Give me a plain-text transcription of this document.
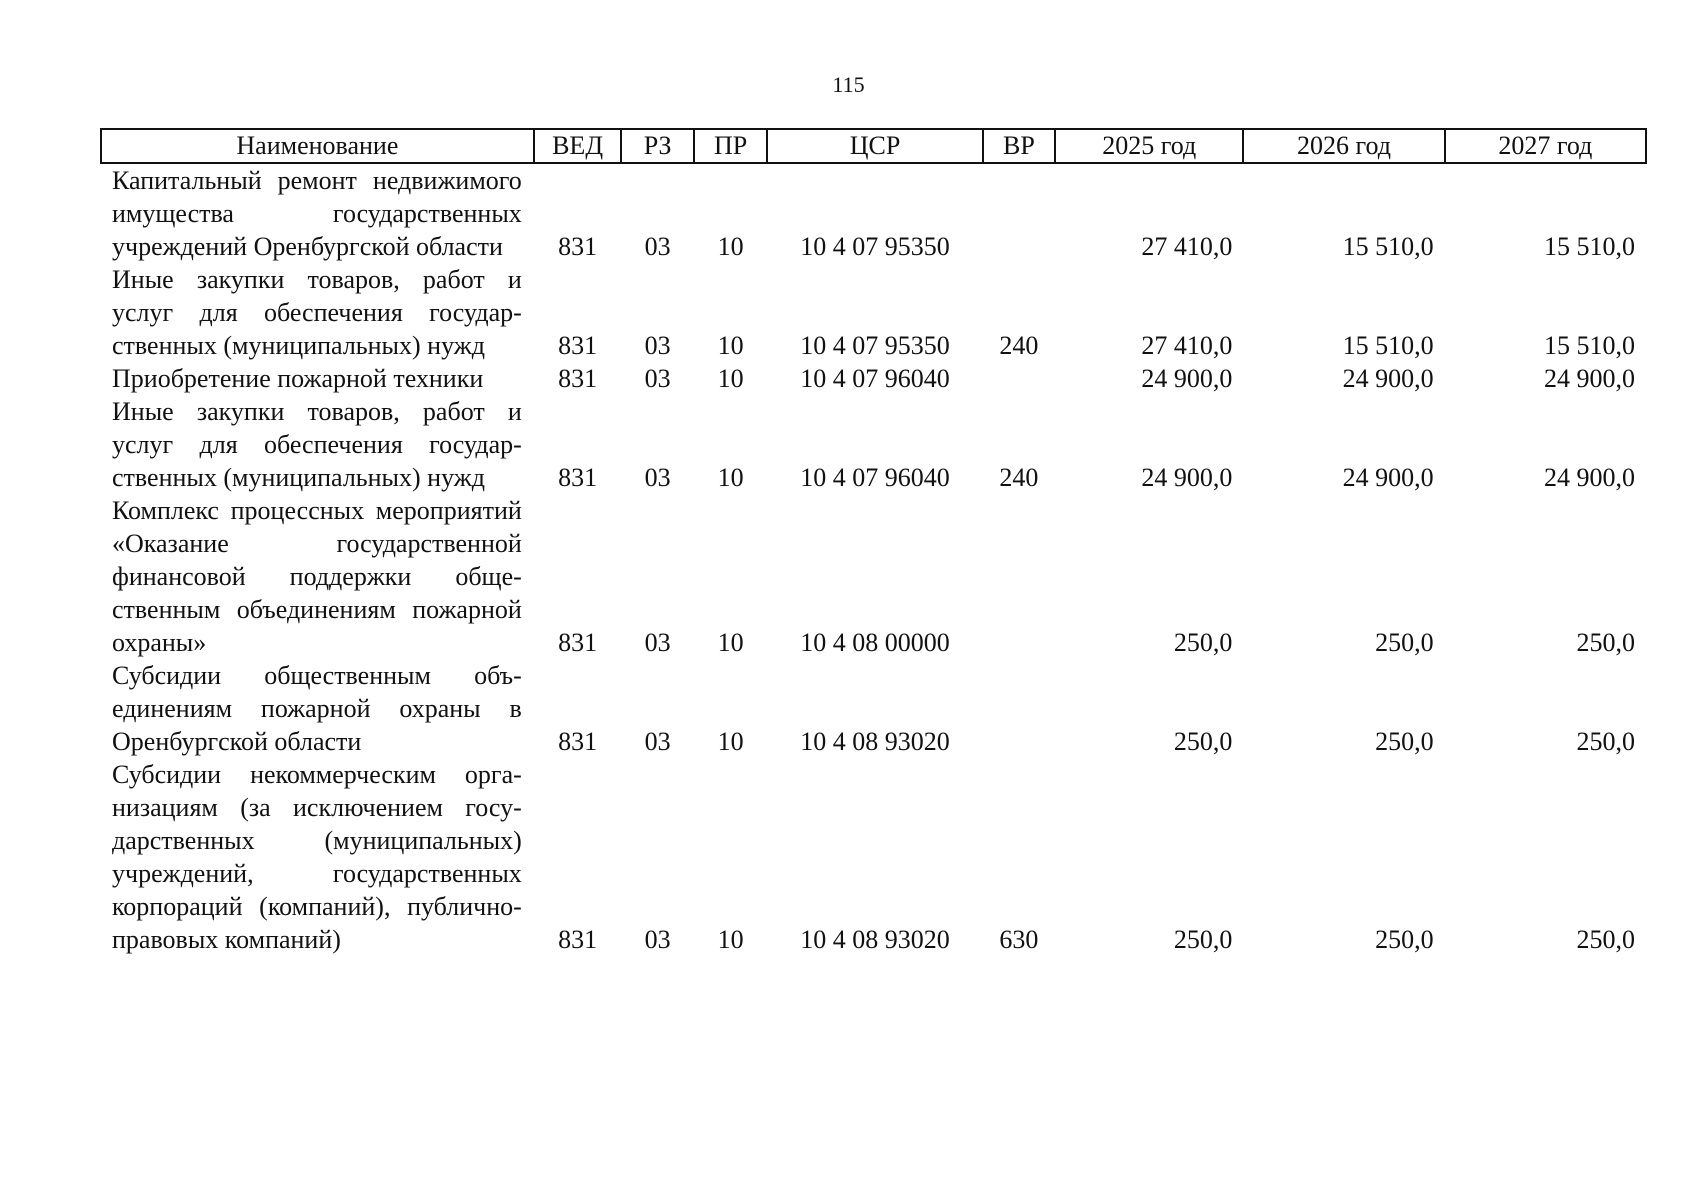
115
Наименование	ВЕД	РЗ	ПР	ЦСР	ВР	2025 год	2026 год	2027 год
Капитальный ремонт недвижимого имущества государственных учреждений Оренбургской области	831	03	10	10 4 07 95350		27 410,0	15 510,0	15 510,0
Иные закупки товаров, работ и услуг для обеспечения государственных (муниципальных) нужд	831	03	10	10 4 07 95350	240	27 410,0	15 510,0	15 510,0
Приобретение пожарной техники	831	03	10	10 4 07 96040		24 900,0	24 900,0	24 900,0
Иные закупки товаров, работ и услуг для обеспечения государственных (муниципальных) нужд	831	03	10	10 4 07 96040	240	24 900,0	24 900,0	24 900,0
Комплекс процессных мероприятий «Оказание государственной финансовой поддержки общественным объединениям пожарной охраны»	831	03	10	10 4 08 00000		250,0	250,0	250,0
Субсидии общественным объединениям пожарной охраны в Оренбургской области	831	03	10	10 4 08 93020		250,0	250,0	250,0
Субсидии некоммерческим организациям (за исключением государственных (муниципальных) учреждений, государственных корпораций (компаний), публично-правовых компаний)	831	03	10	10 4 08 93020	630	250,0	250,0	250,0
